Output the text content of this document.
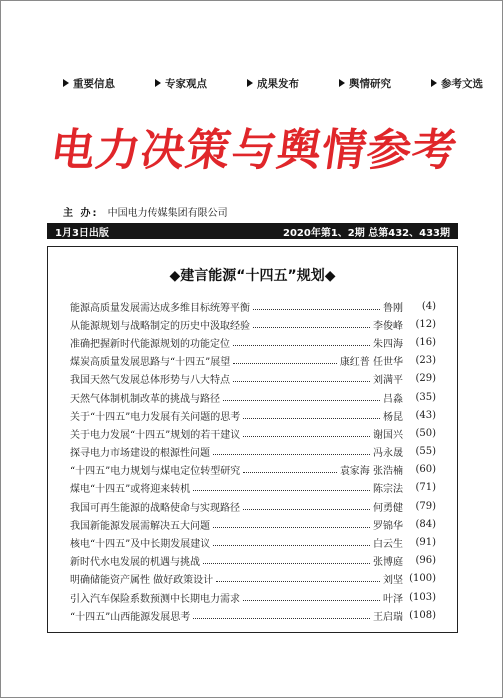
重要信息	专家观点	成果发布	舆情研究	参考文选
电
力
决
策
与
舆
情
参
考
主 办: 中国电力传媒集团有限公司
1月3日出版	2020年第1、2期 总第432、433期
◆建言能源“十四五”规划◆
能源高质量发展需达成多维目标统筹平衡	鲁刚	(4)
从能源规划与战略制定的历史中汲取经验	李俊峰	(12)
准确把握新时代能源规划的功能定位	朱四海	(16)
煤炭高质量发展思路与“十四五”展望	康红普 任世华	(23)
我国天然气发展总体形势与八大特点	刘满平	(29)
天然气体制机制改革的挑战与路径	吕淼	(35)
关于“十四五”电力发展有关问题的思考	杨昆	(43)
关于电力发展“十四五”规划的若干建议	谢国兴	(50)
探寻电力市场建设的根源性问题	冯永晟	(55)
“十四五”电力规划与煤电定位转型研究	袁家海 张浩楠	(60)
煤电“十四五”或将迎来转机	陈宗法	(71)
我国可再生能源的战略使命与实现路径	何勇健	(79)
我国新能源发展需解决五大问题	罗锦华	(84)
核电“十四五”及中长期发展建议	白云生	(91)
新时代水电发展的机遇与挑战	张博庭	(96)
明确储能资产属性 做好政策设计	刘坚 (100)
引入汽车保险系数预测中长期电力需求	叶泽 (103)
“十四五”山西能源发展思考	王启瑞 (108)
